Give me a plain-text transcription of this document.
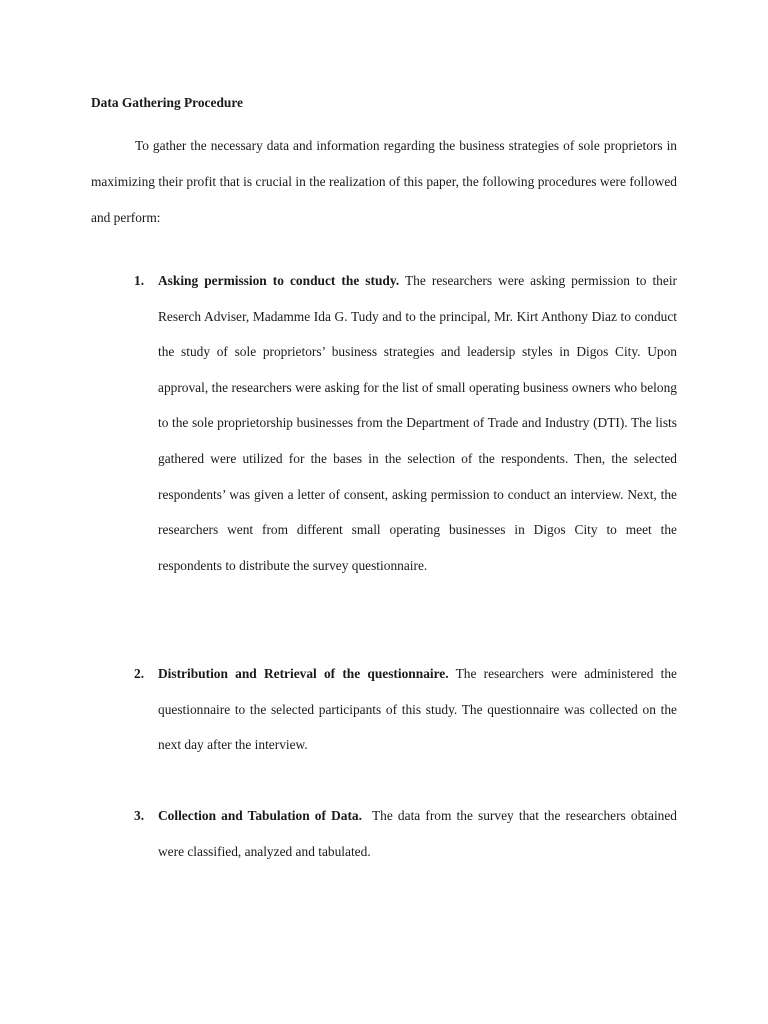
Data Gathering Procedure

To gather the necessary data and information regarding the business strategies of sole proprietors in maximizing their profit that is crucial in the realization of this paper, the following procedures were followed and perform:

1. Asking permission to conduct the study. The researchers were asking permission to their Reserch Adviser, Madamme Ida G. Tudy and to the principal, Mr. Kirt Anthony Diaz to conduct the study of sole proprietors’ business strategies and leadersip styles in Digos City. Upon approval, the researchers were asking for the list of small operating business owners who belong to the sole proprietorship businesses from the Department of Trade and Industry (DTI). The lists gathered were utilized for the bases in the selection of the respondents. Then, the selected respondents’ was given a letter of consent, asking permission to conduct an interview. Next, the researchers went from different small operating businesses in Digos City to meet the respondents to distribute the survey questionnaire.

2. Distribution and Retrieval of the questionnaire. The researchers were administered the questionnaire to the selected participants of this study. The questionnaire was collected on the next day after the interview.

3. Collection and Tabulation of Data.  The data from the survey that the researchers obtained were classified, analyzed and tabulated.
